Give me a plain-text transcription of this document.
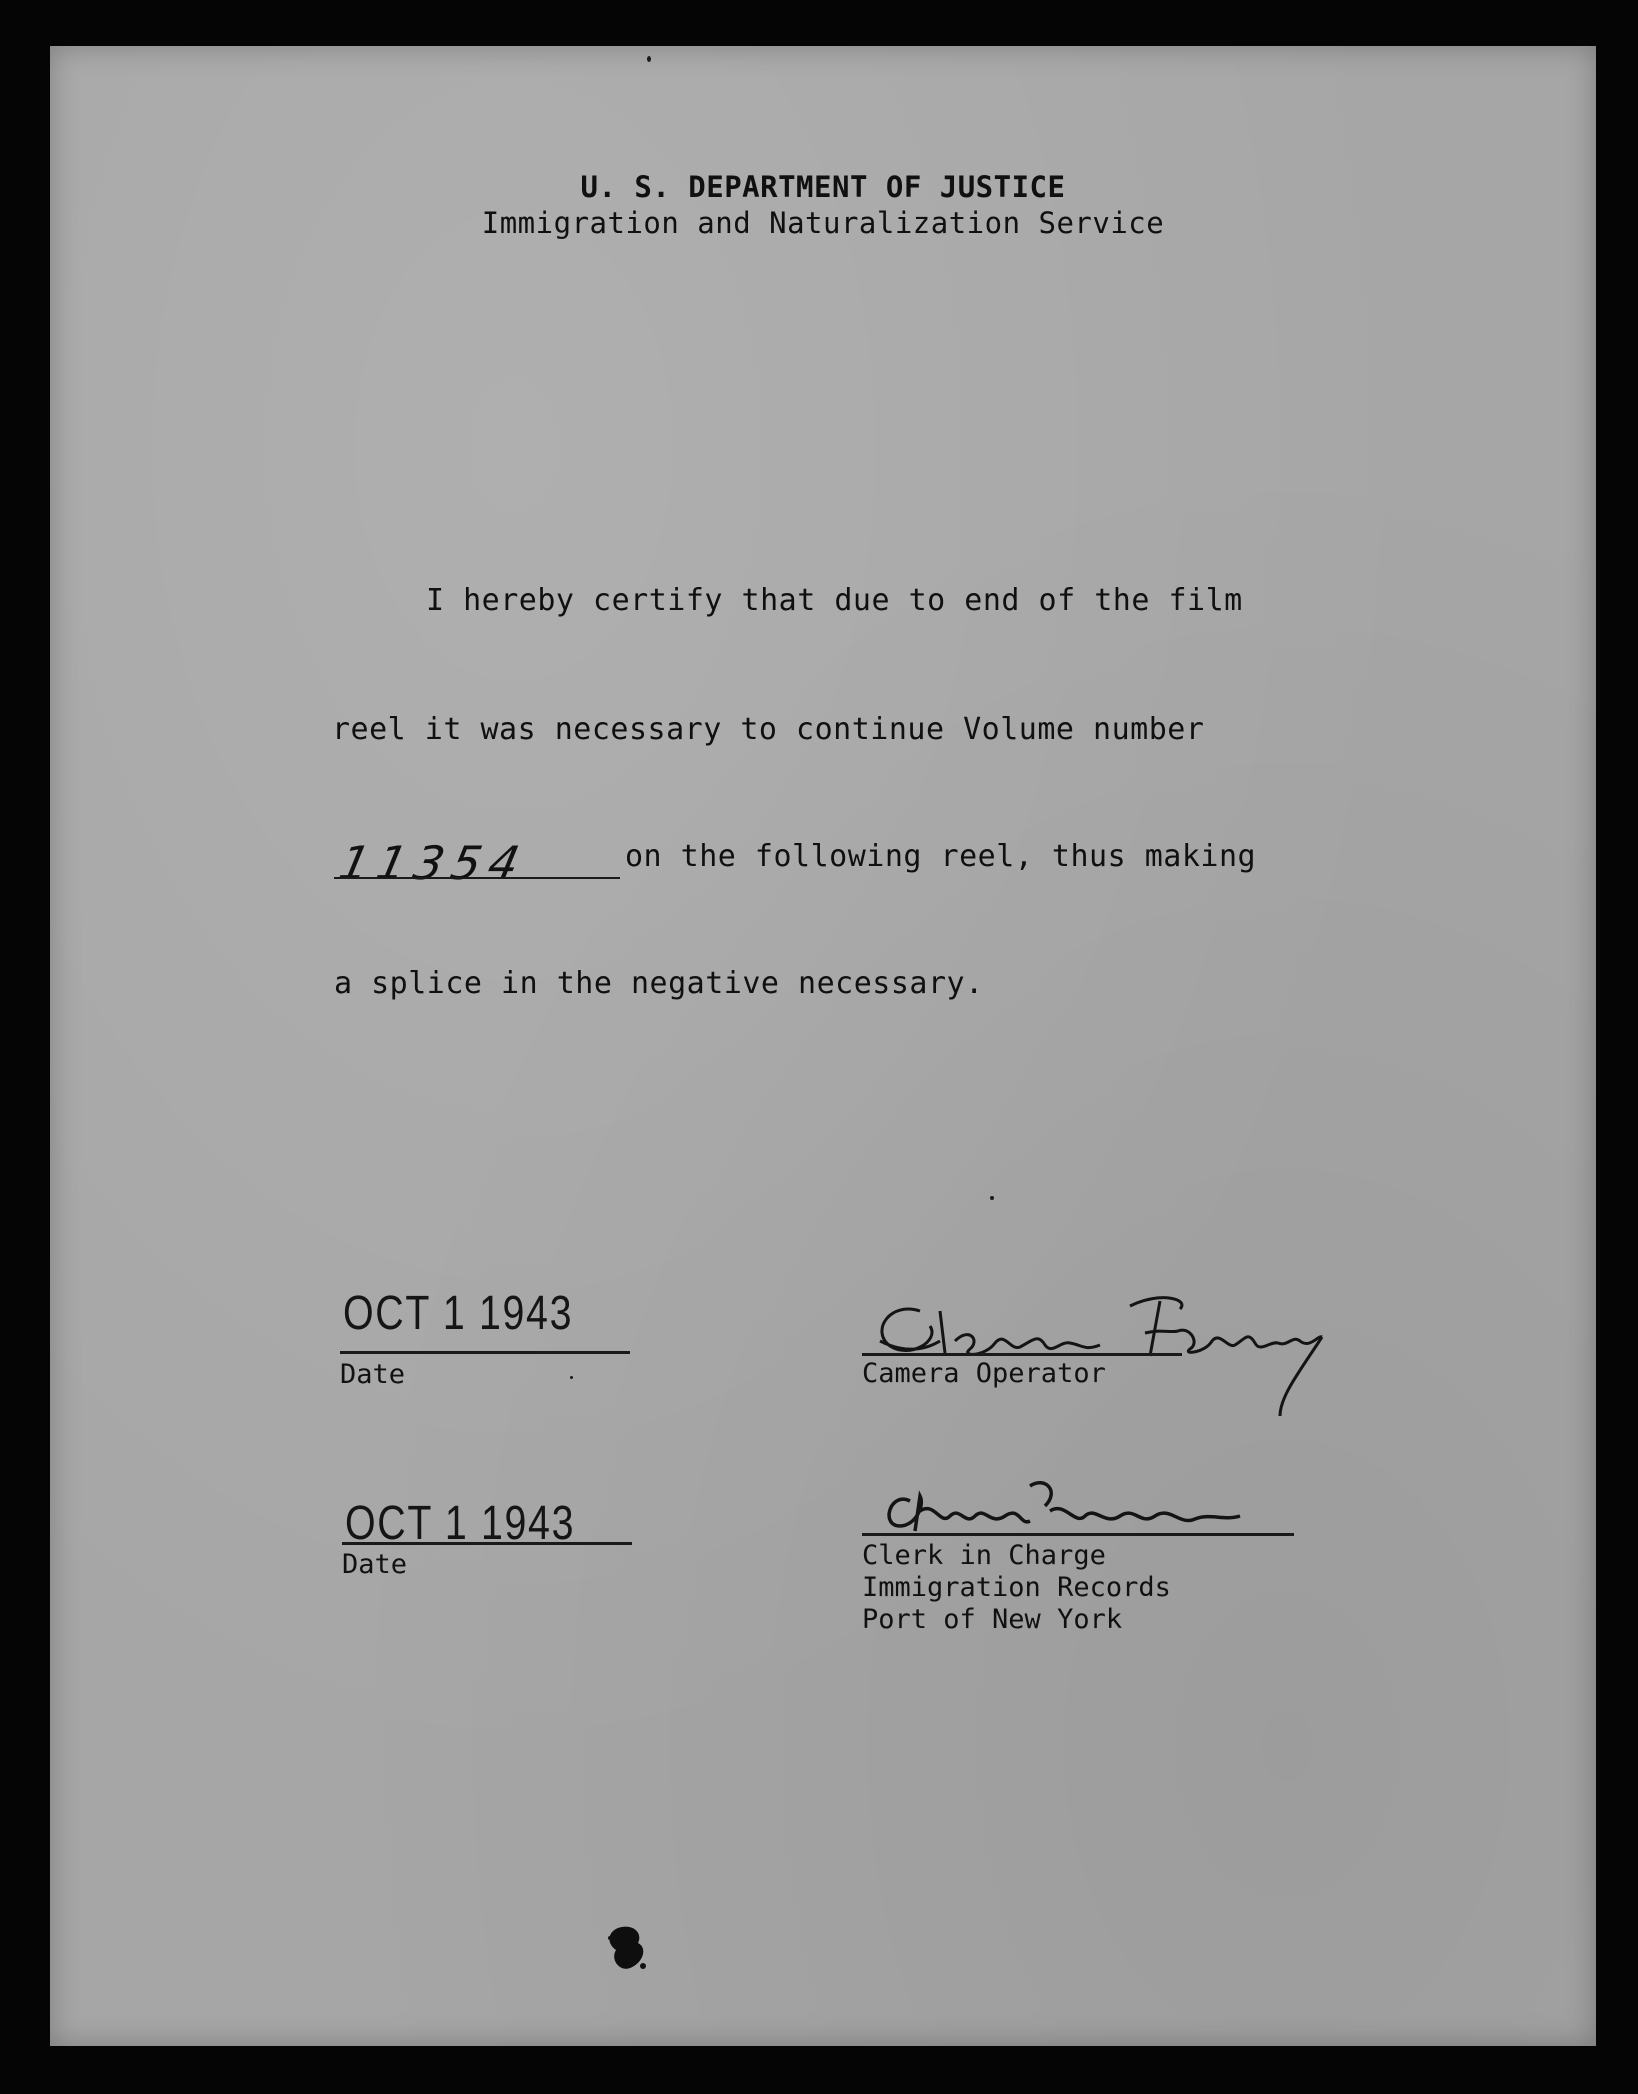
U. S. DEPARTMENT OF JUSTICE
Immigration and Naturalization Service
I hereby certify that due to end of the film
reel it was necessary to continue Volume number
11354	on the following reel, thus making
a splice in the negative necessary.
OCT 1 1943
Date	Camera Operator
OCT 1 1943
Date	Clerk in Charge
Immigration Records
Port of New York
